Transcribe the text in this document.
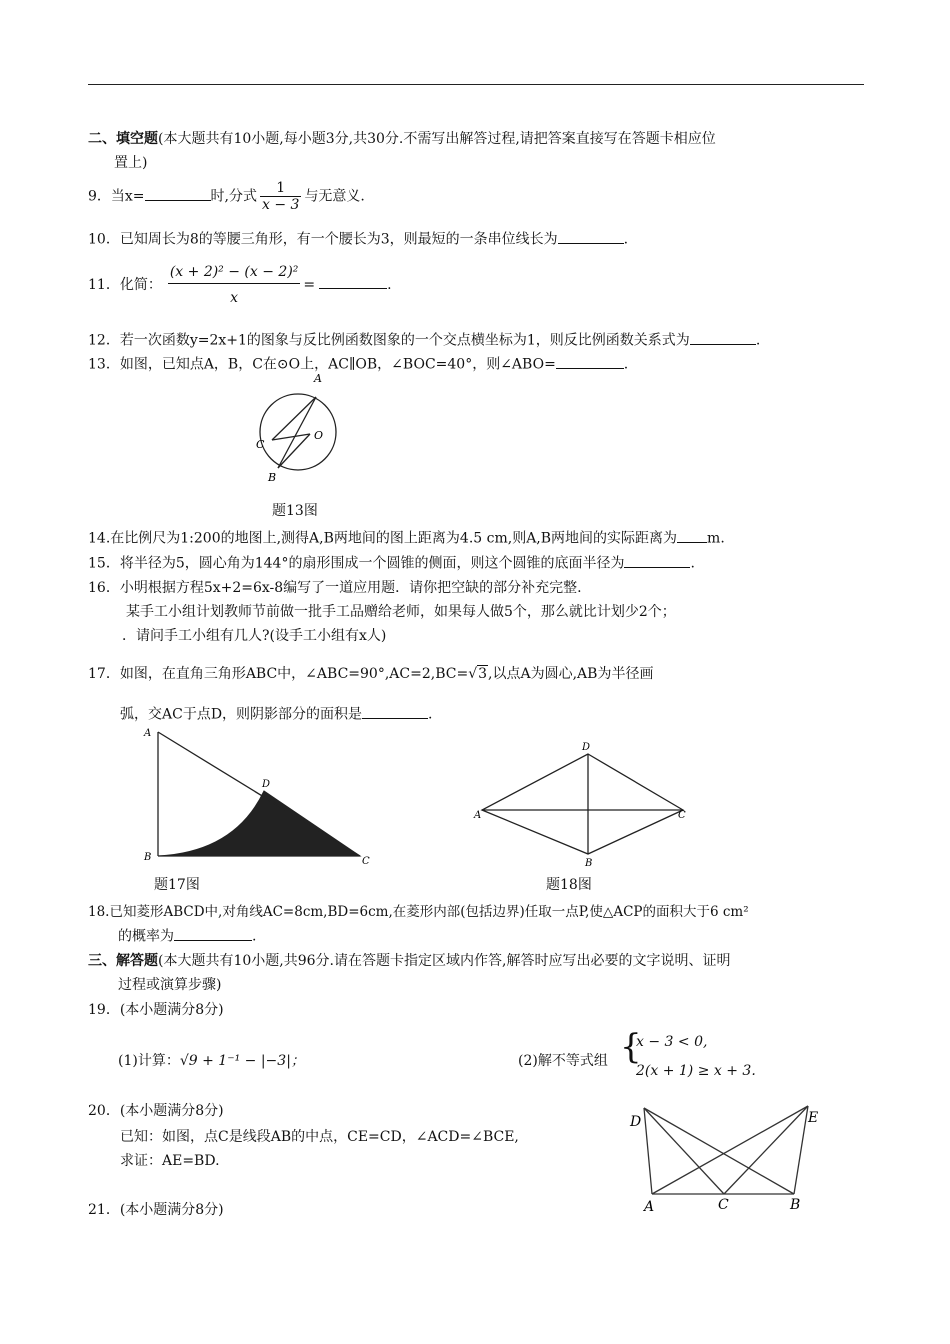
二、填空题(本大题共有10小题,每小题3分,共30分.不需写出解答过程,请把答案直接写在答题卡相应位
置上)
9．当x=	时,分式 $\frac{1}{x - 3}$ 与无意义.
10．已知周长为8的等腰三角形，有一个腰长为3，则最短的一条串位线长为	.
11．化简： $\frac{\text{(x + 2)² − (x − 2)²}}{x}$ =	.
12．若一次函数y=2x+1的图象与反比例函数图象的一个交点横坐标为1，则反比例函数关系式为	.
13．如图，已知点A，B，C在⊙O上，AC∥OB，∠BOC=40°，则∠ABO=	.
A
C
O
B
题13图
14.在比例尺为1:200的地图上,测得A,B两地间的图上距离为4.5 cm,则A,B两地间的实际距离为 m.
15．将半径为5，圆心角为144°的扇形围成一个圆锥的侧面，则这个圆锥的底面半径为	.
16．小明根据方程5x+2=6x-8编写了一道应用题．请你把空缺的部分补充完整.
某手工小组计划教师节前做一批手工品赠给老师，如果每人做5个，那么就比计划少2个；
．请问手工小组有几人?(设手工小组有x人)
17．如图，在直角三角形ABC中，∠ABC=90°,AC=2,BC=√3,以点A为圆心,AB为半径画
弧，交AC于点D，则阴影部分的面积是	.
A
B	C
D
题17图
D
A	C
B
题18图
18.已知菱形ABCD中,对角线AC=8cm,BD=6cm,在菱形内部(包括边界)任取一点P,使△ACP的面积大于6 cm²
的概率为	.
三、解答题(本大题共有10小题,共96分.请在答题卡指定区域内作答,解答时应写出必要的文字说明、证明
过程或演算步骤)
19．(本小题满分8分)
(1)计算：√9 + 1⁻¹ − |−3|；	(2)解不等式组 {
x − 3 < 0,
2(x + 1) ≥ x + 3.
20．(本小题满分8分)
已知：如图，点C是线段AB的中点，CE=CD，∠ACD=∠BCE,
求证：AE=BD.
D	E
A	C	B
21．(本小题满分8分)
